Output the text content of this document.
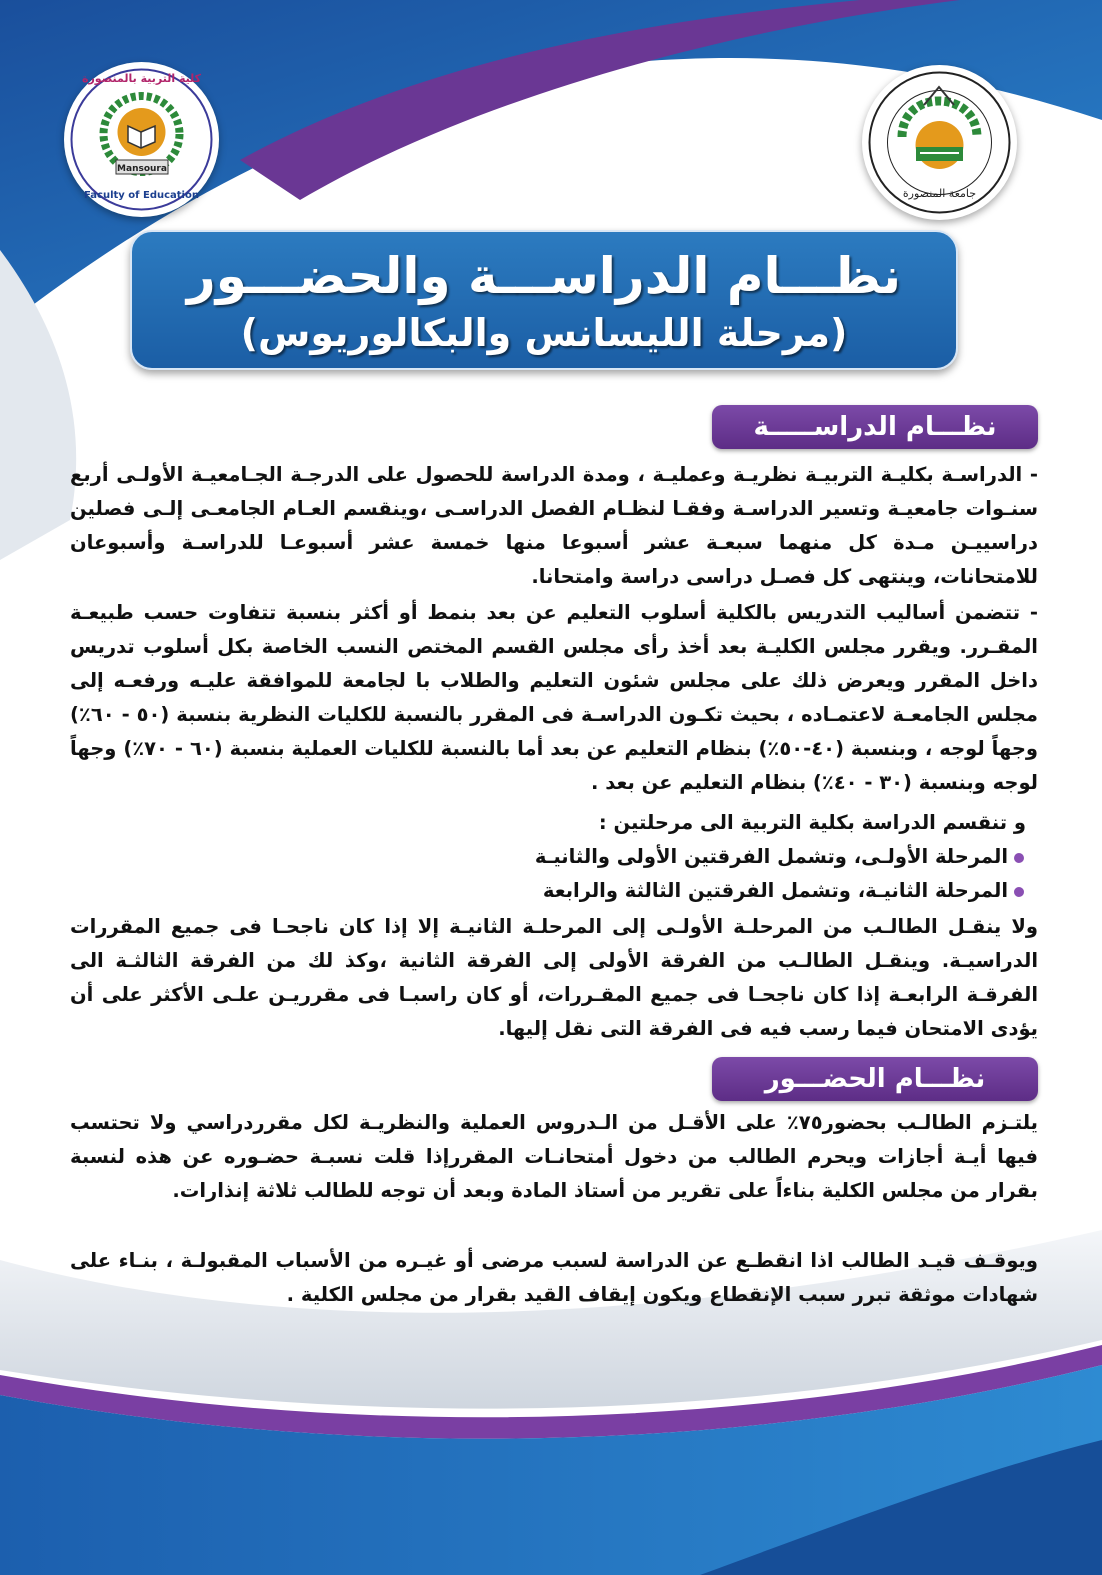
جامعة المنصورة
Mansoura
كلية التربية بالمنصورة
Faculty of Education
نظـــام الدراســـة والحضـــور
(مرحلة الليسانس والبكالوريوس)
نظـــام الدراســـــة

- الدراسـة بكليـة التربيـة نظريـة وعمليـة ، ومدة الدراسة للحصول على الدرجـة الجـامعيـة الأولـى أربع سنـوات جامعيـة وتسير الدراسـة وفقـا لنظـام الفصل الدراسـى ،وينقسم العـام الجامعـى إلـى فصلين دراسييـن مـدة كل منهما سبعـة عشر أسبوعا منها خمسة عشر أسبوعـا للدراسـة وأسبوعان للامتحانات، وينتهى كل فصـل دراسى دراسة وامتحانا.

- تتضمن أساليب التدريس بالكلية أسلوب التعليم عن بعد بنمط أو أكثر بنسبة تتفاوت حسب طبيعـة المقـرر. ويقرر مجلس الكليـة بعد أخذ رأى مجلس القسم المختص النسب الخاصة بكل أسلوب تدريس داخل المقرر ويعرض ذلك على مجلس شئون التعليم والطلاب با لجامعة للموافقة عليـه ورفعـه إلى مجلس الجامعـة لاعتمـاده ، بحيث تكـون الدراسـة فى المقرر بالنسبة للكليات النظرية بنسبة (٥٠ - ٦٠٪) وجهاً لوجه ، وبنسبة (٤٠-٥٠٪) بنظام التعليم عن بعد أما بالنسبة للكليات العملية بنسبة (٦٠ - ٧٠٪) وجهاً لوجه وبنسبة (٣٠ - ٤٠٪) بنظام التعليم عن بعد .

و تنقسم الدراسة بكلية التربية الى مرحلتين :

المرحلة الأولـى، وتشمل الفرقتين الأولى والثانيـة
المرحلة الثانيـة، وتشمل الفرقتين الثالثة والرابعة

ولا ينقـل الطالـب من المرحلـة الأولـى إلى المرحلـة الثانيـة إلا إذا كان ناجحـا فى جميع المقررات الدراسيـة. وينقـل الطالـب من الفرقة الأولى إلى الفرقة الثانية ،وكذ لك من الفرقة الثالثـة الى الفرقـة الرابعـة إذا كان ناجحـا فى جميع المقـررات، أو كان راسبـا فى مقرريـن علـى الأكثر على أن يؤدى الامتحان فيما رسب فيه فى الفرقة التى نقل إليها.

نظـــام الحضـــور

يلتـزم الطالـب بحضور٧٥٪ على الأقـل من الـدروس العملية والنظريـة لكل مقرردراسي ولا تحتسب فيها أيـة أجازات ويحرم الطالب من دخول أمتحانـات المقررإذا قلت نسبـة حضـوره عن هذه لنسبة بقرار من مجلس الكلية بناءاً على تقرير من أستاذ المادة وبعد أن توجه للطالب ثلاثة إنذارات.

ويوقـف قيـد الطالب اذا انقطـع عن الدراسة لسبب مرضى أو غيـره من الأسباب المقبولـة ، بنـاء على شهادات موثقة تبرر سبب الإنقطاع ويكون إيقاف القيد بقرار من مجلس الكلية .
